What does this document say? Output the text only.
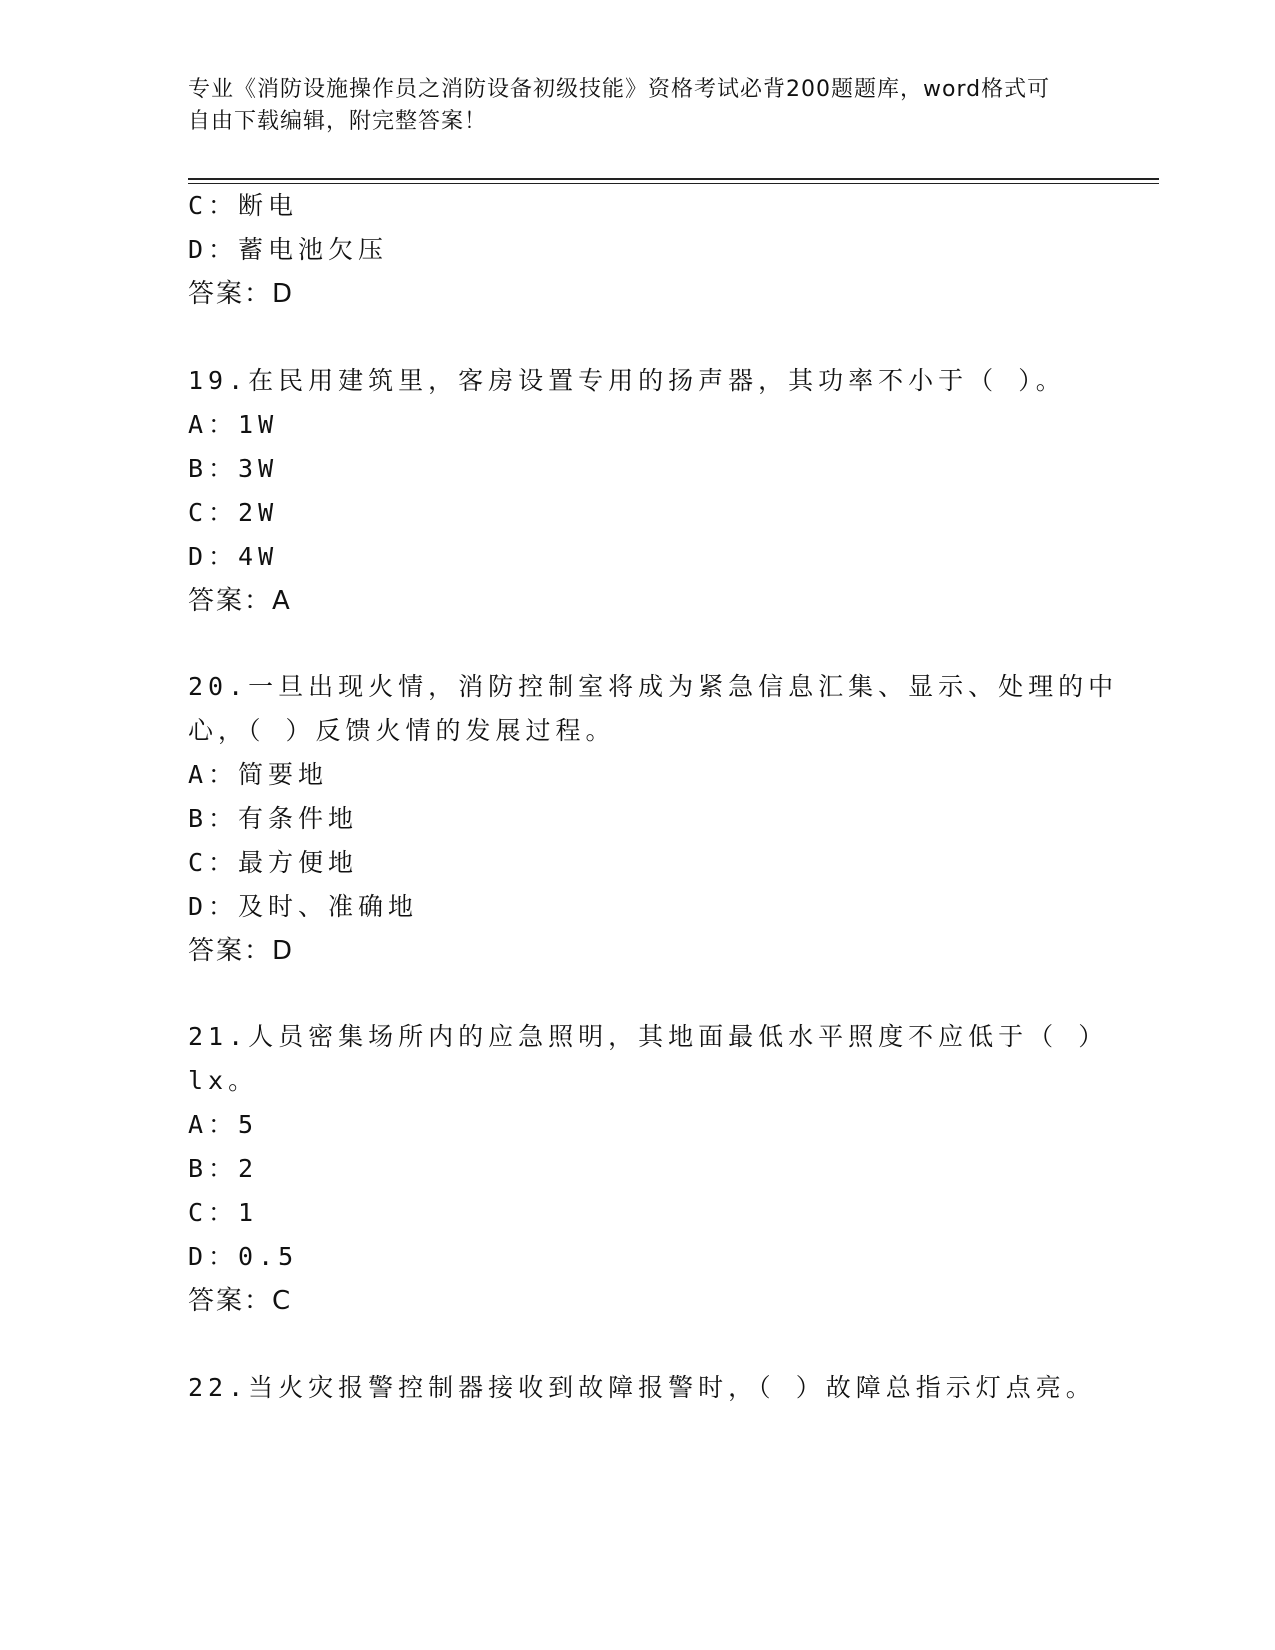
专业《消防设施操作员之消防设备初级技能》资格考试必背200题题库，word格式可自由下载编辑，附完整答案！
C：断电
D：蓄电池欠压
答案：D
19.在民用建筑里，客房设置专用的扬声器，其功率不小于（ ）。
A：1W
B：3W
C：2W
D：4W
答案：A
20.一旦出现火情，消防控制室将成为紧急信息汇集、显示、处理的中
心，（ ）反馈火情的发展过程。
A：简要地
B：有条件地
C：最方便地
D：及时、准确地
答案：D
21.人员密集场所内的应急照明，其地面最低水平照度不应低于（ ）
lx。
A：5
B：2
C：1
D：0.5
答案：C
22.当火灾报警控制器接收到故障报警时，（ ）故障总指示灯点亮。
